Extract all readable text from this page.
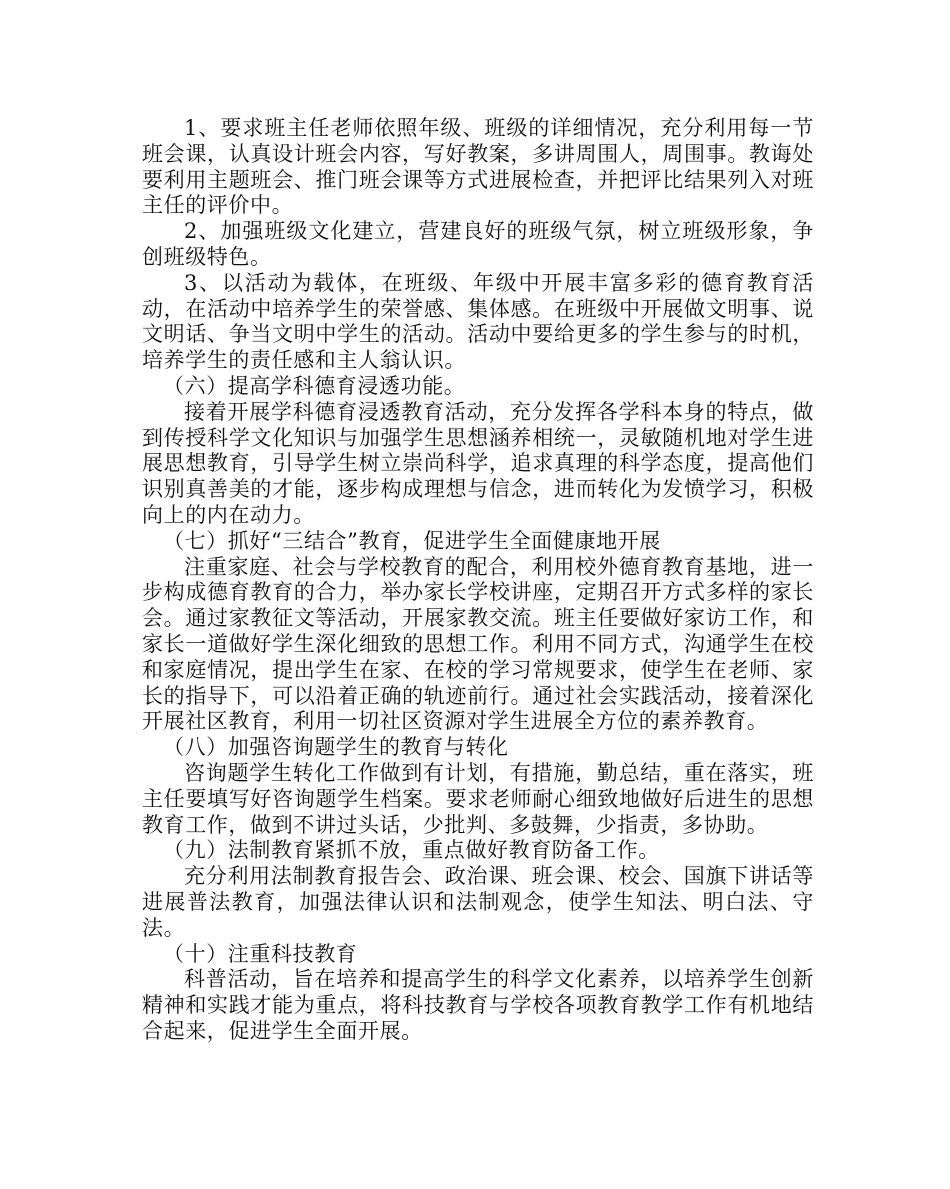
1、要求班主任老师依照年级、班级的详细情况，充分利用每一节班会课，认真设计班会内容，写好教案，多讲周围人，周围事。教诲处要利用主题班会、推门班会课等方式进展检查，并把评比结果列入对班主任的评价中。

2、加强班级文化建立，营建良好的班级气氛，树立班级形象，争创班级特色。

3、以活动为载体，在班级、年级中开展丰富多彩的德育教育活动，在活动中培养学生的荣誉感、集体感。在班级中开展做文明事、说文明话、争当文明中学生的活动。活动中要给更多的学生参与的时机，培养学生的责任感和主人翁认识。

（六）提高学科德育浸透功能。

接着开展学科德育浸透教育活动，充分发挥各学科本身的特点，做到传授科学文化知识与加强学生思想涵养相统一，灵敏随机地对学生进展思想教育，引导学生树立崇尚科学，追求真理的科学态度，提高他们识别真善美的才能，逐步构成理想与信念，进而转化为发愤学习，积极向上的内在动力。

（七）抓好“三结合”教育，促进学生全面健康地开展

注重家庭、社会与学校教育的配合，利用校外德育教育基地，进一步构成德育教育的合力，举办家长学校讲座，定期召开方式多样的家长会。通过家教征文等活动，开展家教交流。班主任要做好家访工作，和家长一道做好学生深化细致的思想工作。利用不同方式，沟通学生在校和家庭情况，提出学生在家、在校的学习常规要求，使学生在老师、家长的指导下，可以沿着正确的轨迹前行。通过社会实践活动，接着深化开展社区教育，利用一切社区资源对学生进展全方位的素养教育。

（八）加强咨询题学生的教育与转化

咨询题学生转化工作做到有计划，有措施，勤总结，重在落实，班主任要填写好咨询题学生档案。要求老师耐心细致地做好后进生的思想教育工作，做到不讲过头话，少批判、多鼓舞，少指责，多协助。

（九）法制教育紧抓不放，重点做好教育防备工作。

充分利用法制教育报告会、政治课、班会课、校会、国旗下讲话等进展普法教育，加强法律认识和法制观念，使学生知法、明白法、守法。

（十）注重科技教育

科普活动，旨在培养和提高学生的科学文化素养，以培养学生创新精神和实践才能为重点，将科技教育与学校各项教育教学工作有机地结合起来，促进学生全面开展。
